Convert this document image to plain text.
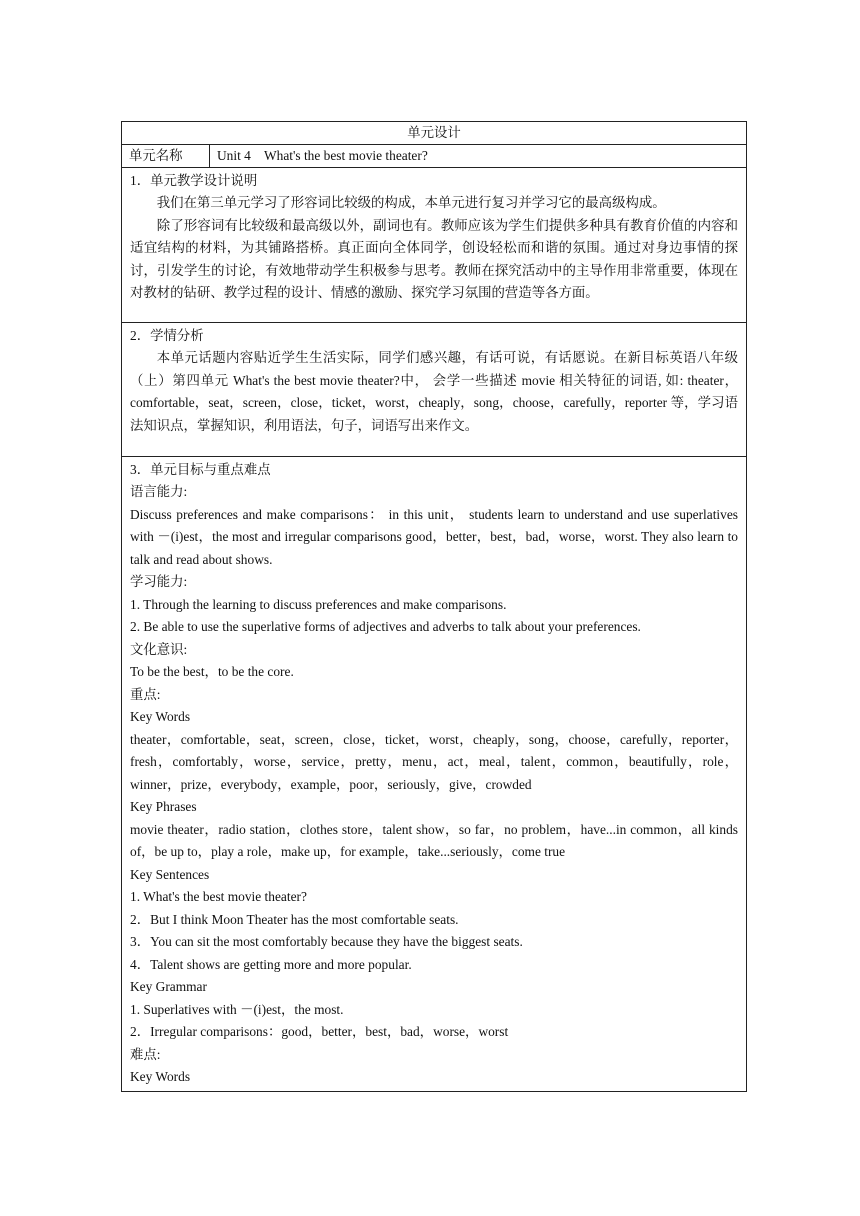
单元设计
单元名称	Unit 4    What's the best movie theater?

1．单元教学设计说明
我们在第三单元学习了形容词比较级的构成，本单元进行复习并学习它的最高级构成。
除了形容词有比较级和最高级以外，副词也有。教师应该为学生们提供多种具有教育价值的内容和适宜结构的材料，为其铺路搭桥。真正面向全体同学，创设轻松而和谐的氛围。通过对身边事情的探讨，引发学生的讨论，有效地带动学生积极参与思考。教师在探究活动中的主导作用非常重要，体现在对教材的钻研、教学过程的设计、情感的激励、探究学习氛围的营造等各方面。

2．学情分析
本单元话题内容贴近学生生活实际，同学们感兴趣，有话可说，有话愿说。在新目标英语八年级（上）第四单元 What's the best movie theater?中， 会学一些描述 movie 相关特征的词语, 如: theater，comfortable，seat，screen，close，ticket，worst，cheaply，song，choose，carefully，reporter 等，学习语法知识点，掌握知识，利用语法，句子，词语写出来作文。

3．单元目标与重点难点
语言能力:
Discuss preferences and make comparisons： in this unit， students learn to understand and use superlatives with －(i)est，the most and irregular comparisons good，better，best，bad，worse，worst. They also learn to talk and read about shows.
学习能力:
1. Through the learning to discuss preferences and make comparisons.
2. Be able to use the superlative forms of adjectives and adverbs to talk about your preferences.
文化意识:
To be the best，to be the core.
重点:
Key Words
theater，comfortable，seat，screen，close，ticket，worst，cheaply，song，choose，carefully，reporter，fresh，comfortably，worse，service，pretty，menu，act，meal，talent，common，beautifully，role，winner，prize，everybody，example，poor，seriously，give，crowded
Key Phrases
movie theater，radio station，clothes store，talent show，so far，no problem，have...in common，all kinds of，be up to，play a role，make up，for example，take...seriously，come true
Key Sentences
1. What's the best movie theater?
2．But I think Moon Theater has the most comfortable seats.
3．You can sit the most comfortably because they have the biggest seats.
4．Talent shows are getting more and more popular.
Key Grammar
1. Superlatives with －(i)est，the most.
2．Irregular comparisons：good，better，best，bad，worse，worst
难点:
Key Words
